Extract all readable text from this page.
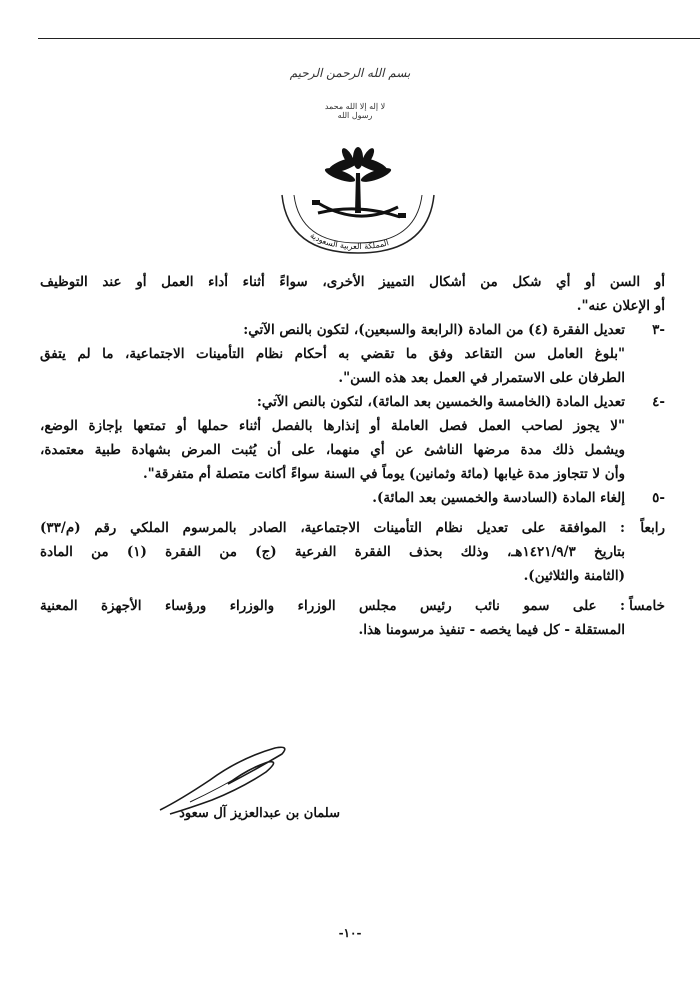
بسم الله الرحمن الرحيم
لا إله إلا الله محمد رسول الله
المملكة العربية السعودية
أو السن أو أي شكل من أشكال التمييز الأخرى، سواءً أثناء أداء العمل أو عند التوظيف
أو الإعلان عنه".
-٣
تعديل الفقرة (٤) من المادة (الرابعة والسبعين)، لتكون بالنص الآتي:
"بلوغ العامل سن التقاعد وفق ما تقضي به أحكام نظام التأمينات الاجتماعية، ما لم يتفق
الطرفان على الاستمرار في العمل بعد هذه السن".
-٤
تعديل المادة (الخامسة والخمسين بعد المائة)، لتكون بالنص الآتي:
"لا يجوز لصاحب العمل فصل العاملة أو إنذارها بالفصل أثناء حملها أو تمتعها بإجازة الوضع،
ويشمل ذلك مدة مرضها الناشئ عن أي منهما، على أن يُثبت المرض بشهادة طبية معتمدة،
وأن لا تتجاوز مدة غيابها (مائة وثمانين) يوماً في السنة سواءً أكانت متصلة أم متفرقة".
-٥
إلغاء المادة (السادسة والخمسين بعد المائة).
رابعاً
: الموافقة على تعديل نظام التأمينات الاجتماعية، الصادر بالمرسوم الملكي رقم (م/٣٣)
بتاريخ ١٤٢١/٩/٣هـ، وذلك بحذف الفقرة الفرعية (ج) من الفقرة (١) من المادة
(الثامنة والثلاثين).
خامساً
: على سمو نائب رئيس مجلس الوزراء والوزراء ورؤساء الأجهزة المعنية
المستقلة - كل فيما يخصه - تنفيذ مرسومنا هذا.
سلمان بن عبدالعزيز آل سعود
-١٠-
